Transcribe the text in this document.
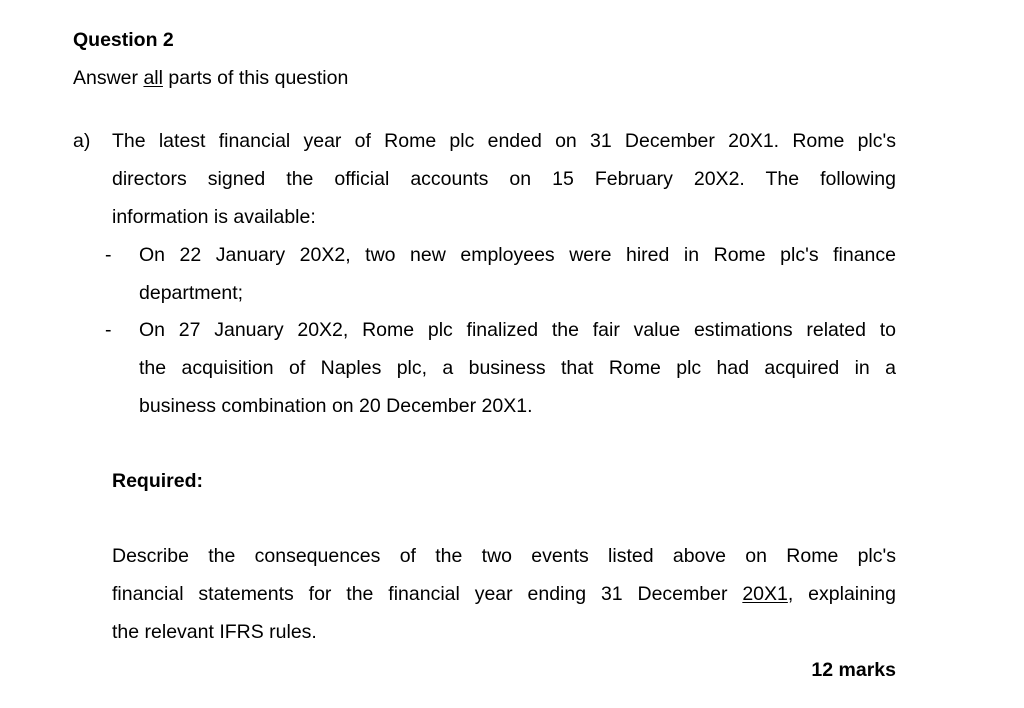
Question 2
Answer all parts of this question
a) The latest financial year of Rome plc ended on 31 December 20X1. Rome plc's
directors signed the official accounts on 15 February 20X2. The following
information is available:
- On 22 January 20X2, two new employees were hired in Rome plc's finance
department;
- On 27 January 20X2, Rome plc finalized the fair value estimations related to
the acquisition of Naples plc, a business that Rome plc had acquired in a
business combination on 20 December 20X1.
Required:
Describe the consequences of the two events listed above on Rome plc's
financial statements for the financial year ending 31 December 20X1, explaining
the relevant IFRS rules.
12 marks
